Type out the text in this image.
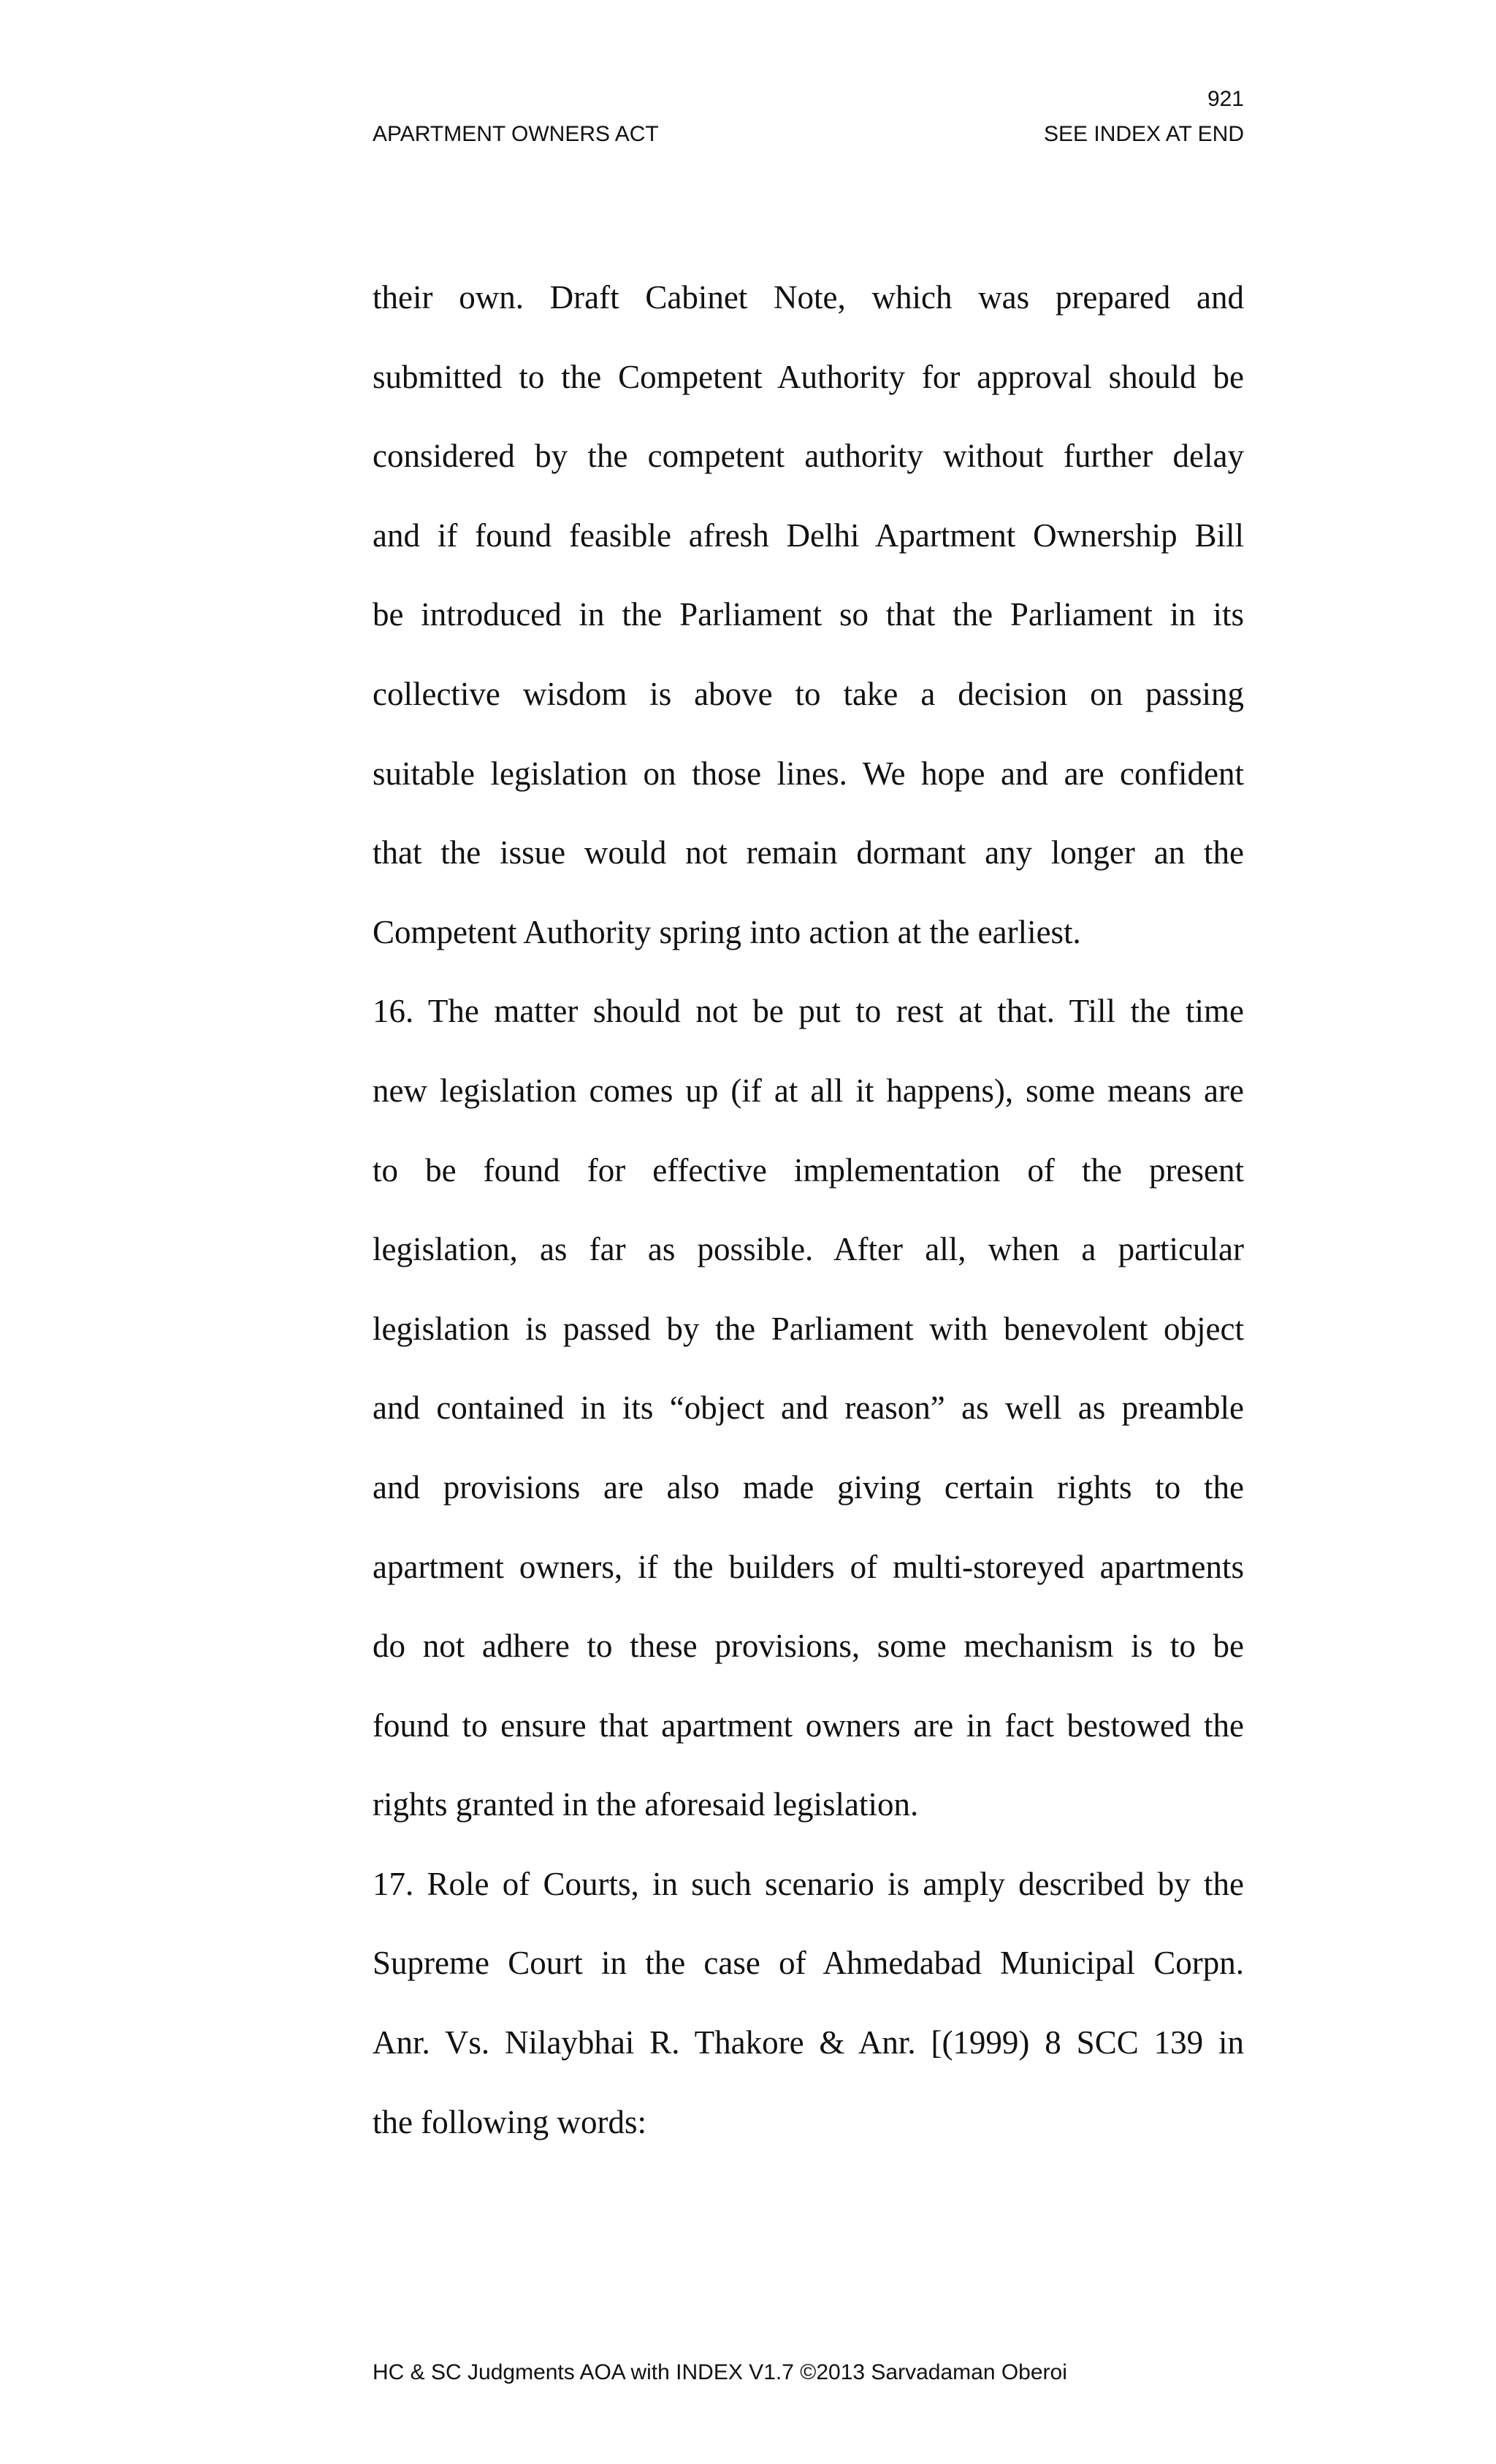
921
APARTMENT OWNERS ACT	SEE INDEX AT END
their own. Draft Cabinet Note, which was prepared and
submitted to the Competent Authority for approval should be
considered by the competent authority without further delay
and if found feasible afresh Delhi Apartment Ownership Bill
be introduced in the Parliament so that the Parliament in its
collective wisdom is above to take a decision on passing
suitable legislation on those lines. We hope and are confident
that the issue would not remain dormant any longer an the
Competent Authority spring into action at the earliest.
16. The matter should not be put to rest at that. Till the time
new legislation comes up (if at all it happens), some means are
to be found for effective implementation of the present
legislation, as far as possible. After all, when a particular
legislation is passed by the Parliament with benevolent object
and contained in its “object and reason” as well as preamble
and provisions are also made giving certain rights to the
apartment owners, if the builders of multi-storeyed apartments
do not adhere to these provisions, some mechanism is to be
found to ensure that apartment owners are in fact bestowed the
rights granted in the aforesaid legislation.
17. Role of Courts, in such scenario is amply described by the
Supreme Court in the case of Ahmedabad Municipal Corpn.
Anr. Vs. Nilaybhai R. Thakore & Anr. [(1999) 8 SCC 139 in
the following words:
HC & SC Judgments AOA with INDEX V1.7 ©2013 Sarvadaman Oberoi
